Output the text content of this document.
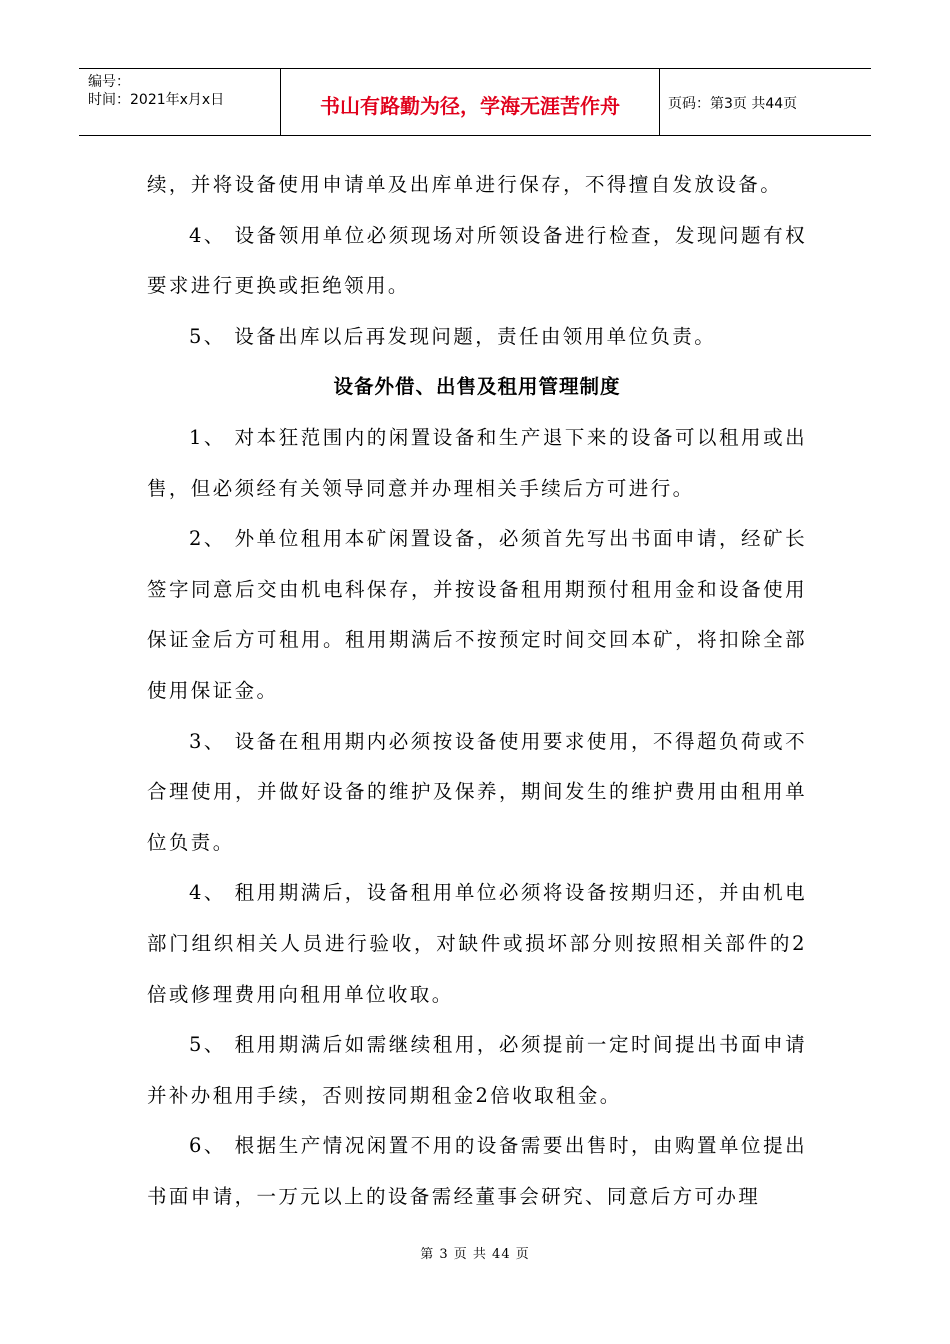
编号：
时间：2021年x月x日	书山有路勤为径，学海无涯苦作舟	页码：第3页 共44页

续，并将设备使用申请单及出库单进行保存，不得擅自发放设备。

4、 设备领用单位必须现场对所领设备进行检查，发现问题有权要求进行更换或拒绝领用。

5、 设备出库以后再发现问题，责任由领用单位负责。

设备外借、出售及租用管理制度

1、 对本狂范围内的闲置设备和生产退下来的设备可以租用或出售，但必须经有关领导同意并办理相关手续后方可进行。

2、 外单位租用本矿闲置设备，必须首先写出书面申请，经矿长签字同意后交由机电科保存，并按设备租用期预付租用金和设备使用保证金后方可租用。租用期满后不按预定时间交回本矿，将扣除全部使用保证金。

3、 设备在租用期内必须按设备使用要求使用，不得超负荷或不合理使用，并做好设备的维护及保养，期间发生的维护费用由租用单位负责。

4、 租用期满后，设备租用单位必须将设备按期归还，并由机电部门组织相关人员进行验收，对缺件或损坏部分则按照相关部件的2倍或修理费用向租用单位收取。

5、 租用期满后如需继续租用，必须提前一定时间提出书面申请并补办租用手续，否则按同期租金2倍收取租金。

6、 根据生产情况闲置不用的设备需要出售时，由购置单位提出书面申请，一万元以上的设备需经董事会研究、同意后方可办理

第 3 页 共 44 页
